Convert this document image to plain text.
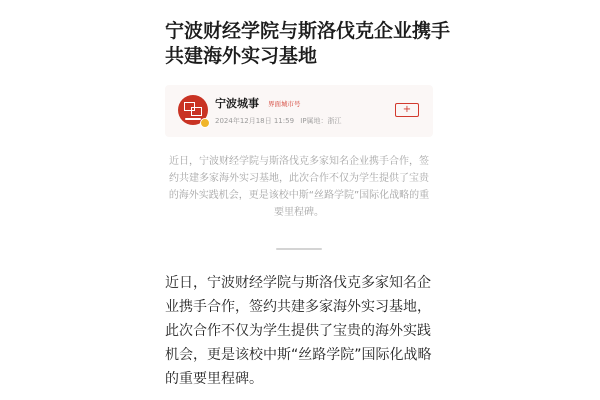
宁波财经学院与斯洛伐克企业携手共建海外实习基地
宁波城事 界面城市号
2024年12月18日 11:59 IP属地：浙江
+

近日，宁波财经学院与斯洛伐克多家知名企业携手合作，签约共建多家海外实习基地，此次合作不仅为学生提供了宝贵的海外实践机会，更是该校中斯“丝路学院”国际化战略的重要里程碑。

近日，宁波财经学院与斯洛伐克多家知名企业携手合作，签约共建多家海外实习基地，此次合作不仅为学生提供了宝贵的海外实践机会，更是该校中斯“丝路学院”国际化战略的重要里程碑。
